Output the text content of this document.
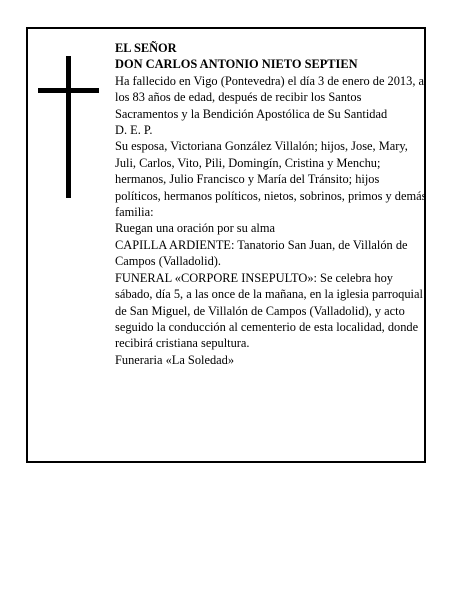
EL SEÑOR

DON CARLOS ANTONIO NIETO SEPTIEN

Ha fallecido en Vigo (Pontevedra) el día 3 de enero de 2013, a los 83 años de edad, después de recibir los Santos Sacramentos y la Bendición Apostólica de Su Santidad

D. E. P.

Su esposa, Victoriana González Villalón; hijos, Jose, Mary, Juli, Carlos, Vito, Pili, Domingín, Cristina y Menchu; hermanos, Julio Francisco y María del Tránsito; hijos políticos, hermanos políticos, nietos, sobrinos, primos y demás familia:

Ruegan una oración por su alma

CAPILLA ARDIENTE: Tanatorio San Juan, de Villalón de Campos (Valladolid).

FUNERAL «CORPORE INSEPULTO»: Se celebra hoy sábado, día 5, a las once de la mañana, en la iglesia parroquial de San Miguel, de Villalón de Campos (Valladolid), y acto seguido la conducción al cementerio de esta localidad, donde recibirá cristiana sepultura.

Funeraria «La Soledad»
